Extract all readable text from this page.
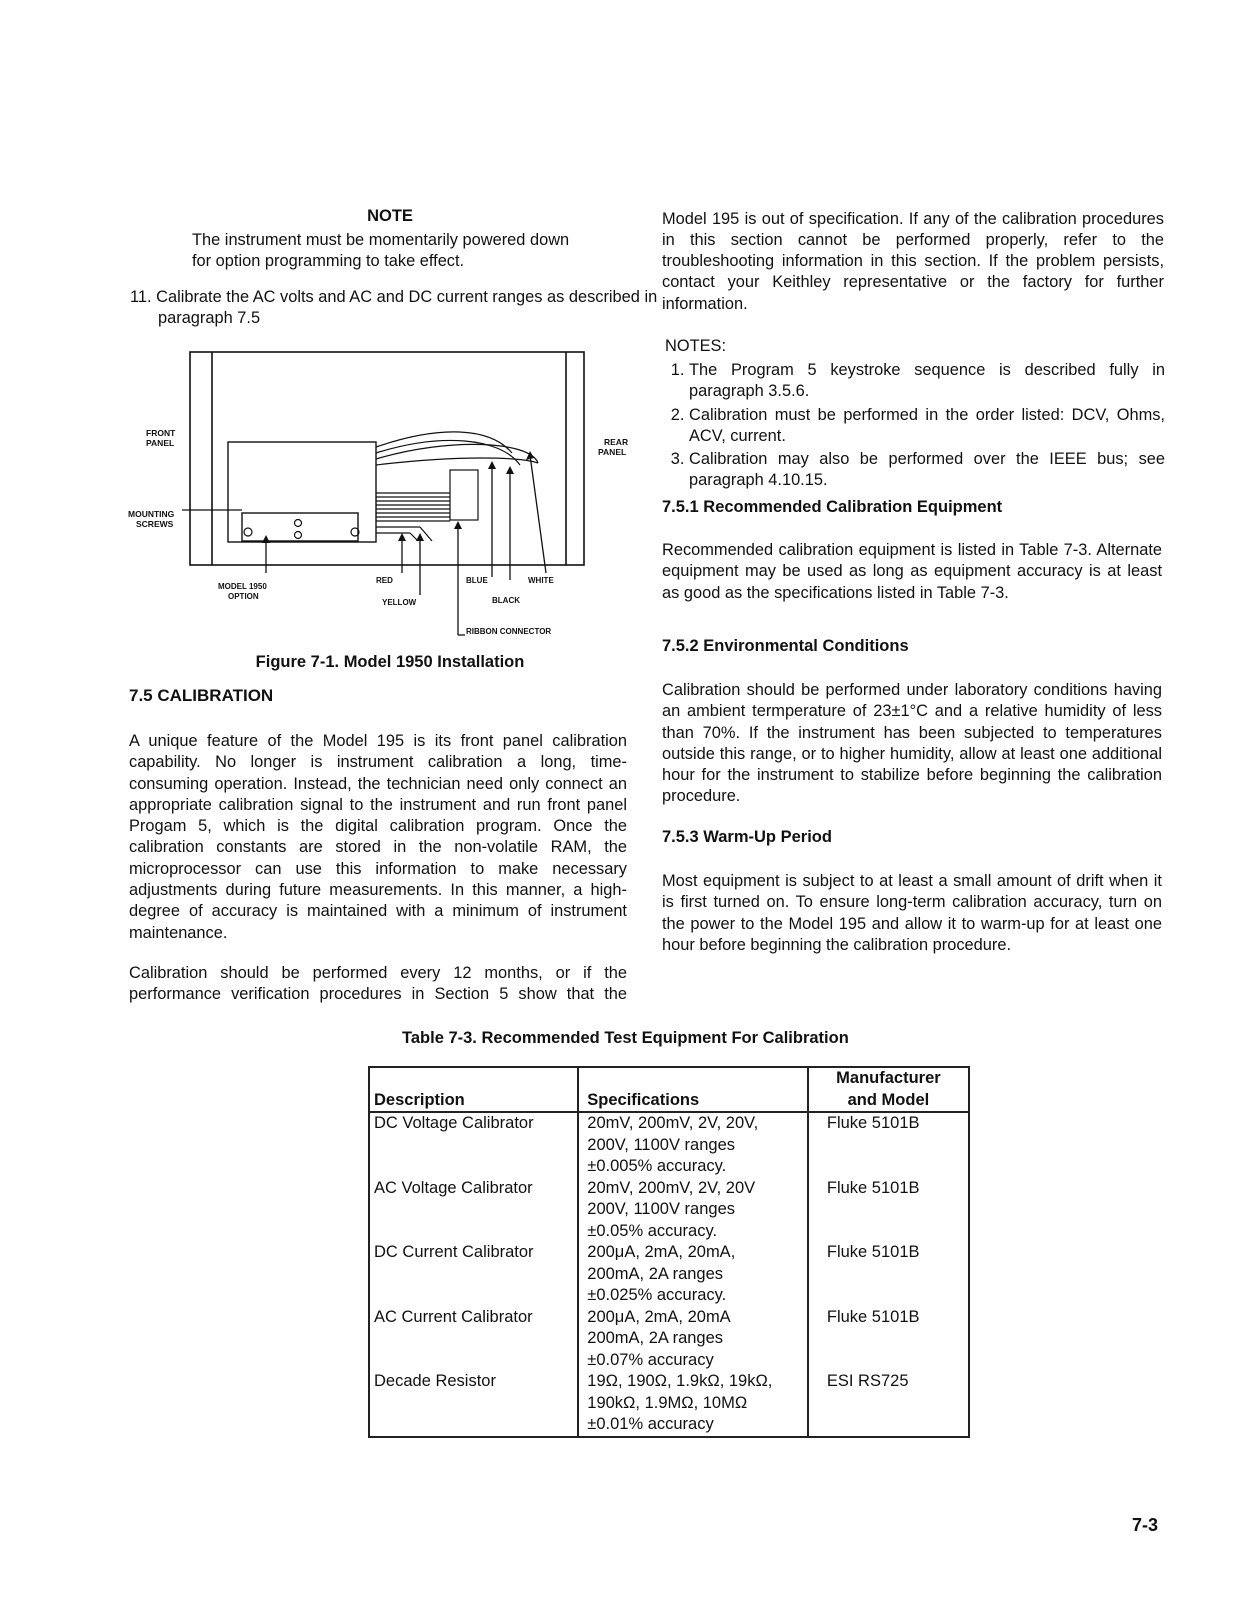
NOTE
The instrument must be momentarily powered down for option programming to take effect.
11. Calibrate the AC volts and AC and DC current ranges as described in paragraph 7.5
FRONT
PANEL	REAR
PANEL
MOUNTING
SCREWS
MODEL 1950
OPTION
RED
YELLOW
BLUE	WHITE
BLACK
RIBBON CONNECTOR
Figure 7-1. Model 1950 Installation
7.5 CALIBRATION
A unique feature of the Model 195 is its front panel calibration capability. No longer is instrument calibration a long, time-consuming operation. Instead, the technician need only connect an appropriate calibration signal to the instrument and run front panel Progam 5, which is the digital calibration program. Once the calibration constants are stored in the non-volatile RAM, the microprocessor can use this information to make necessary adjustments during future measurements. In this manner, a high-degree of accuracy is maintained with a minimum of instrument maintenance.
Calibration should be performed every 12 months, or if the performance verification procedures in Section 5 show that the
Model 195 is out of specification. If any of the calibration procedures in this section cannot be performed properly, refer to the troubleshooting information in this section. If the problem persists, contact your Keithley representative or the factory for further information.
NOTES:
1. The Program 5 keystroke sequence is described fully in paragraph 3.5.6.
2. Calibration must be performed in the order listed: DCV, Ohms, ACV, current.
3. Calibration may also be performed over the IEEE bus; see paragraph 4.10.15.
7.5.1 Recommended Calibration Equipment
Recommended calibration equipment is listed in Table 7-3. Alternate equipment may be used as long as equipment accuracy is at least as good as the specifications listed in Table 7-3.
7.5.2 Environmental Conditions
Calibration should be performed under laboratory conditions having an ambient termperature of 23±1°C and a relative humidity of less than 70%. If the instrument has been subjected to temperatures outside this range, or to higher humidity, allow at least one additional hour for the instrument to stabilize before beginning the calibration procedure.
7.5.3 Warm-Up Period
Most equipment is subject to at least a small amount of drift when it is first turned on. To ensure long-term calibration accuracy, turn on the power to the Model 195 and allow it to warm-up for at least one hour before beginning the calibration procedure.
Table 7-3. Recommended Test Equipment For Calibration
Description	Specifications	Manufacturer
and Model

DC Voltage Calibrator	20mV, 200mV, 2V, 20V,
200V, 1100V ranges
±0.005% accuracy.	Fluke 5101B
AC Voltage Calibrator	20mV, 200mV, 2V, 20V
200V, 1100V ranges
±0.05% accuracy.	Fluke 5101B
DC Current Calibrator	200μA, 2mA, 20mA,
200mA, 2A ranges
±0.025% accuracy.	Fluke 5101B
AC Current Calibrator	200μA, 2mA, 20mA
200mA, 2A ranges
±0.07% accuracy	Fluke 5101B
Decade Resistor	19Ω, 190Ω, 1.9kΩ, 19kΩ,
190kΩ, 1.9MΩ, 10MΩ
±0.01% accuracy	ESI RS725
7-3
